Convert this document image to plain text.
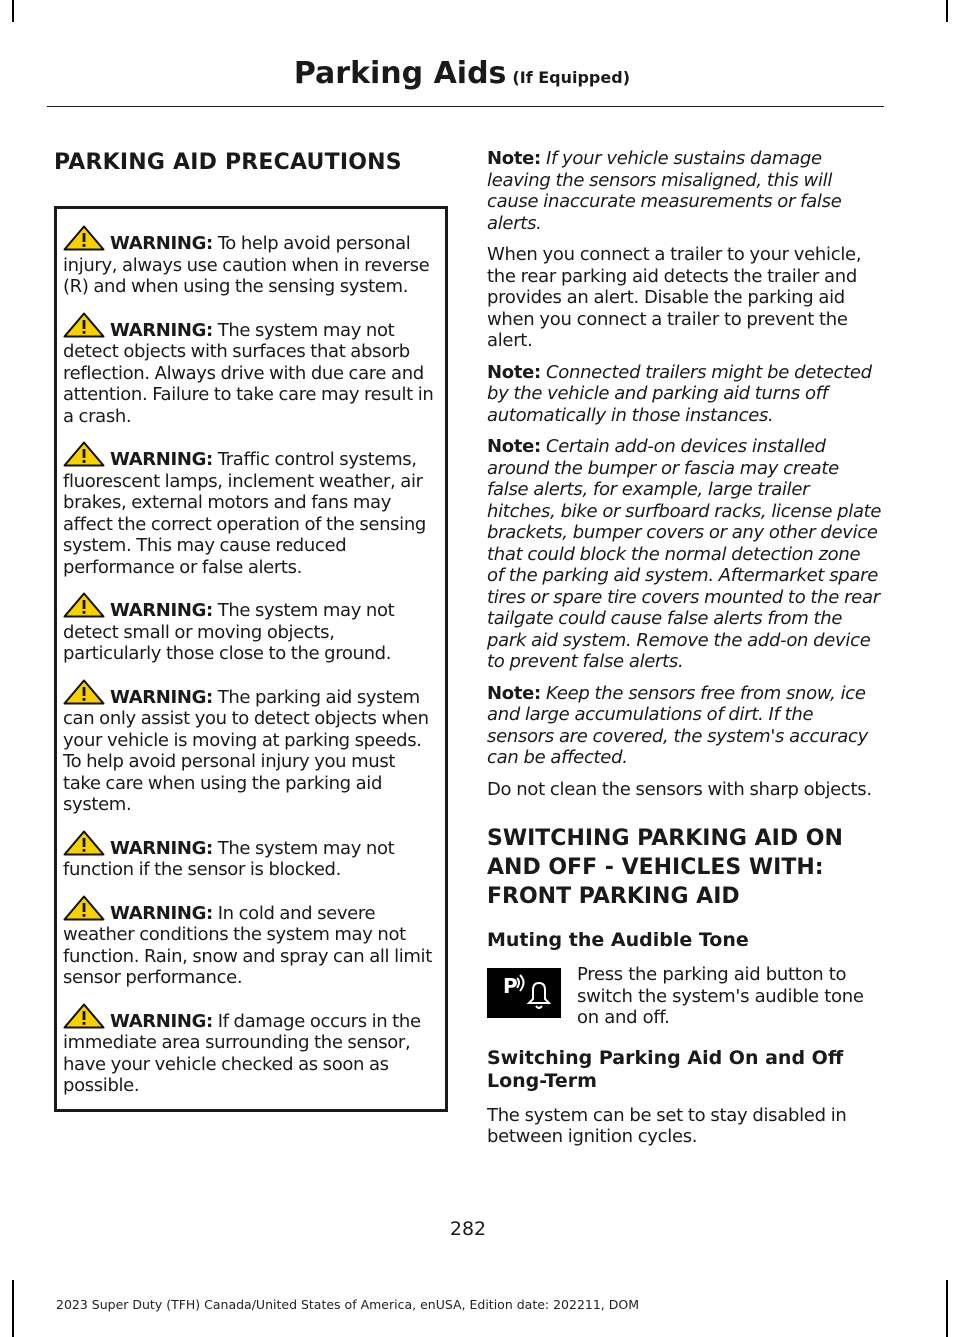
Parking Aids (If Equipped)
PARKING AID PRECAUTIONS

WARNING: To help avoid personal injury, always use caution when in reverse (R) and when using the sensing system.

WARNING: The system may not detect objects with surfaces that absorb reflection. Always drive with due care and attention. Failure to take care may result in a crash.

WARNING: Traffic control systems, fluorescent lamps, inclement weather, air brakes, external motors and fans may affect the correct operation of the sensing system. This may cause reduced performance or false alerts.

WARNING: The system may not detect small or moving objects, particularly those close to the ground.

WARNING: The parking aid system can only assist you to detect objects when your vehicle is moving at parking speeds. To help avoid personal injury you must take care when using the parking aid system.

WARNING: The system may not function if the sensor is blocked.

WARNING: In cold and severe weather conditions the system may not function. Rain, snow and spray can all limit sensor performance.

WARNING: If damage occurs in the immediate area surrounding the sensor, have your vehicle checked as soon as possible.

Note: If your vehicle sustains damage leaving the sensors misaligned, this will cause inaccurate measurements or false alerts.

When you connect a trailer to your vehicle, the rear parking aid detects the trailer and provides an alert. Disable the parking aid when you connect a trailer to prevent the alert.

Note: Connected trailers might be detected by the vehicle and parking aid turns off automatically in those instances.

Note: Certain add-on devices installed around the bumper or fascia may create false alerts, for example, large trailer hitches, bike or surfboard racks, license plate brackets, bumper covers or any other device that could block the normal detection zone of the parking aid system. Aftermarket spare tires or spare tire covers mounted to the rear tailgate could cause false alerts from the park aid system. Remove the add-on device to prevent false alerts.

Note: Keep the sensors free from snow, ice and large accumulations of dirt. If the sensors are covered, the system's accuracy can be affected.

Do not clean the sensors with sharp objects.

SWITCHING PARKING AID ON
AND OFF - VEHICLES WITH:
FRONT PARKING AID
Muting the Audible Tone
P	Press the parking aid button to switch the system's audible tone on and off.
Switching Parking Aid On and Off Long-Term

The system can be set to stay disabled in between ignition cycles.

282
2023 Super Duty (TFH) Canada/United States of America, enUSA, Edition date: 202211, DOM
